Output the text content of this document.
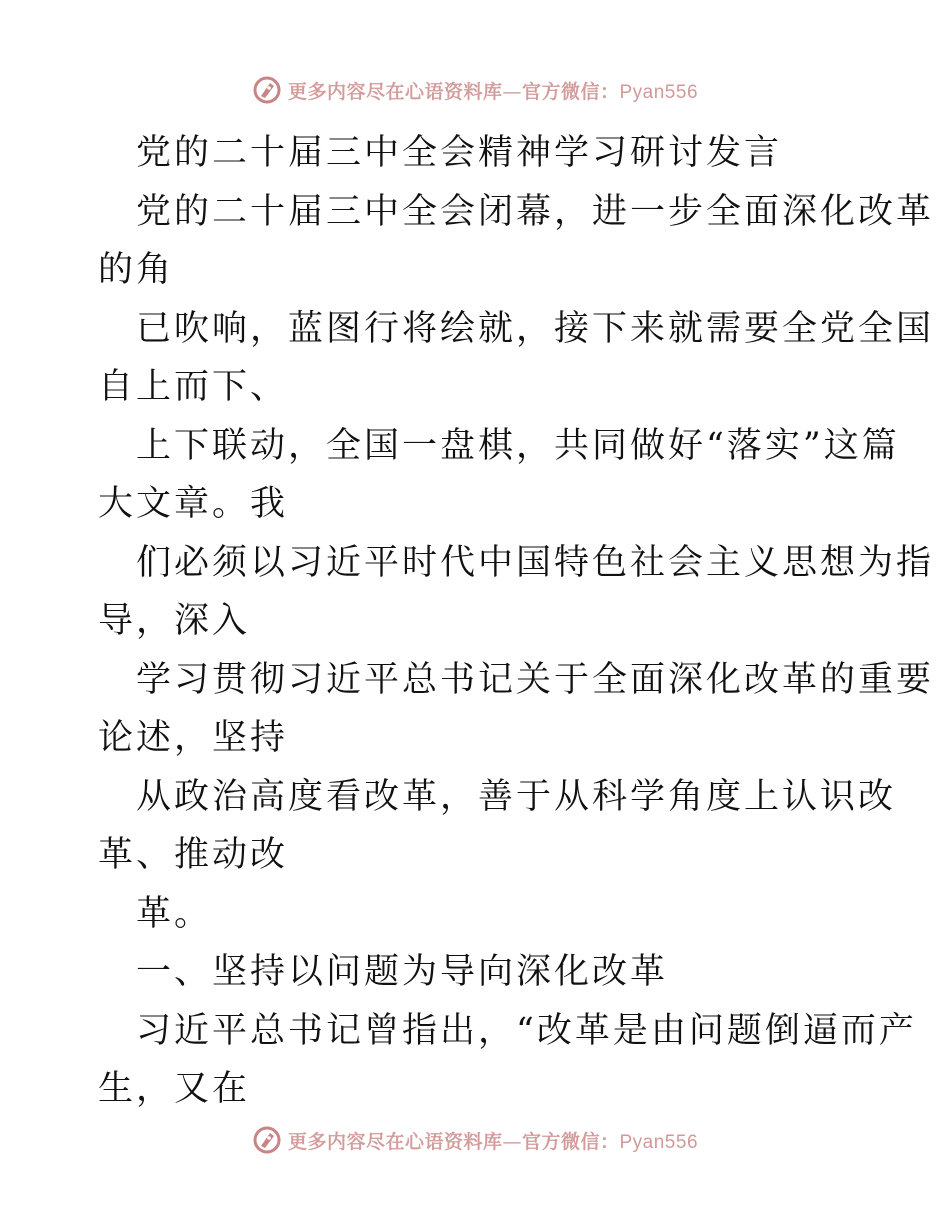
更多内容尽在心语资料库—官方微信：Pyan556
党的二十届三中全会精神学习研讨发言
党的二十届三中全会闭幕，进一步全面深化改革
的角
已吹响，蓝图行将绘就，接下来就需要全党全国
自上而下、
上下联动，全国一盘棋，共同做好“落实”这篇
大文章。我
们必须以习近平时代中国特色社会主义思想为指
导，深入
学习贯彻习近平总书记关于全面深化改革的重要
论述，坚持
从政治高度看改革，善于从科学角度上认识改
革、推动改
革。
一、坚持以问题为导向深化改革
习近平总书记曾指出，“改革是由问题倒逼而产
生，又在
更多内容尽在心语资料库—官方微信：Pyan556
